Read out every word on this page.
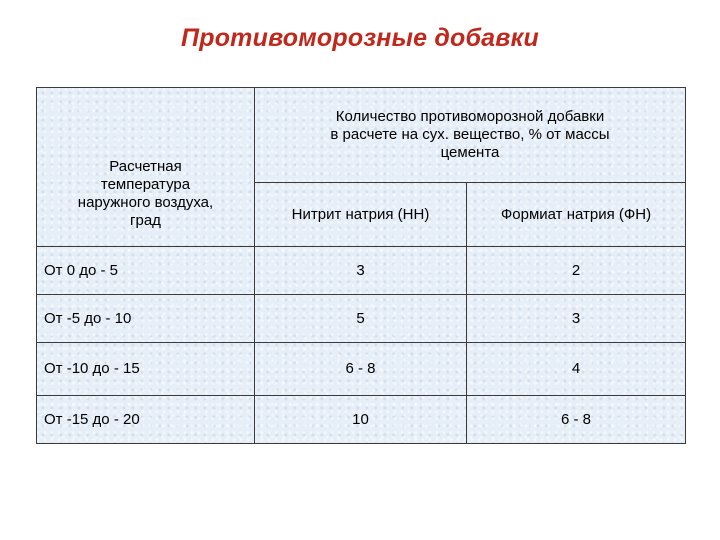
Противоморозные добавки
Расчетная
температура
наружного воздуха,
град	Количество противоморозной добавки
в расчете на сух. вещество, % от массы
цемента	

	Нитрит натрия (НН)	Формиат натрия (ФН)
От 0 до - 5	3	2
От -5 до - 10	5	3
От -10 до - 15	6 - 8	4
От -15 до - 20	10	6 - 8
